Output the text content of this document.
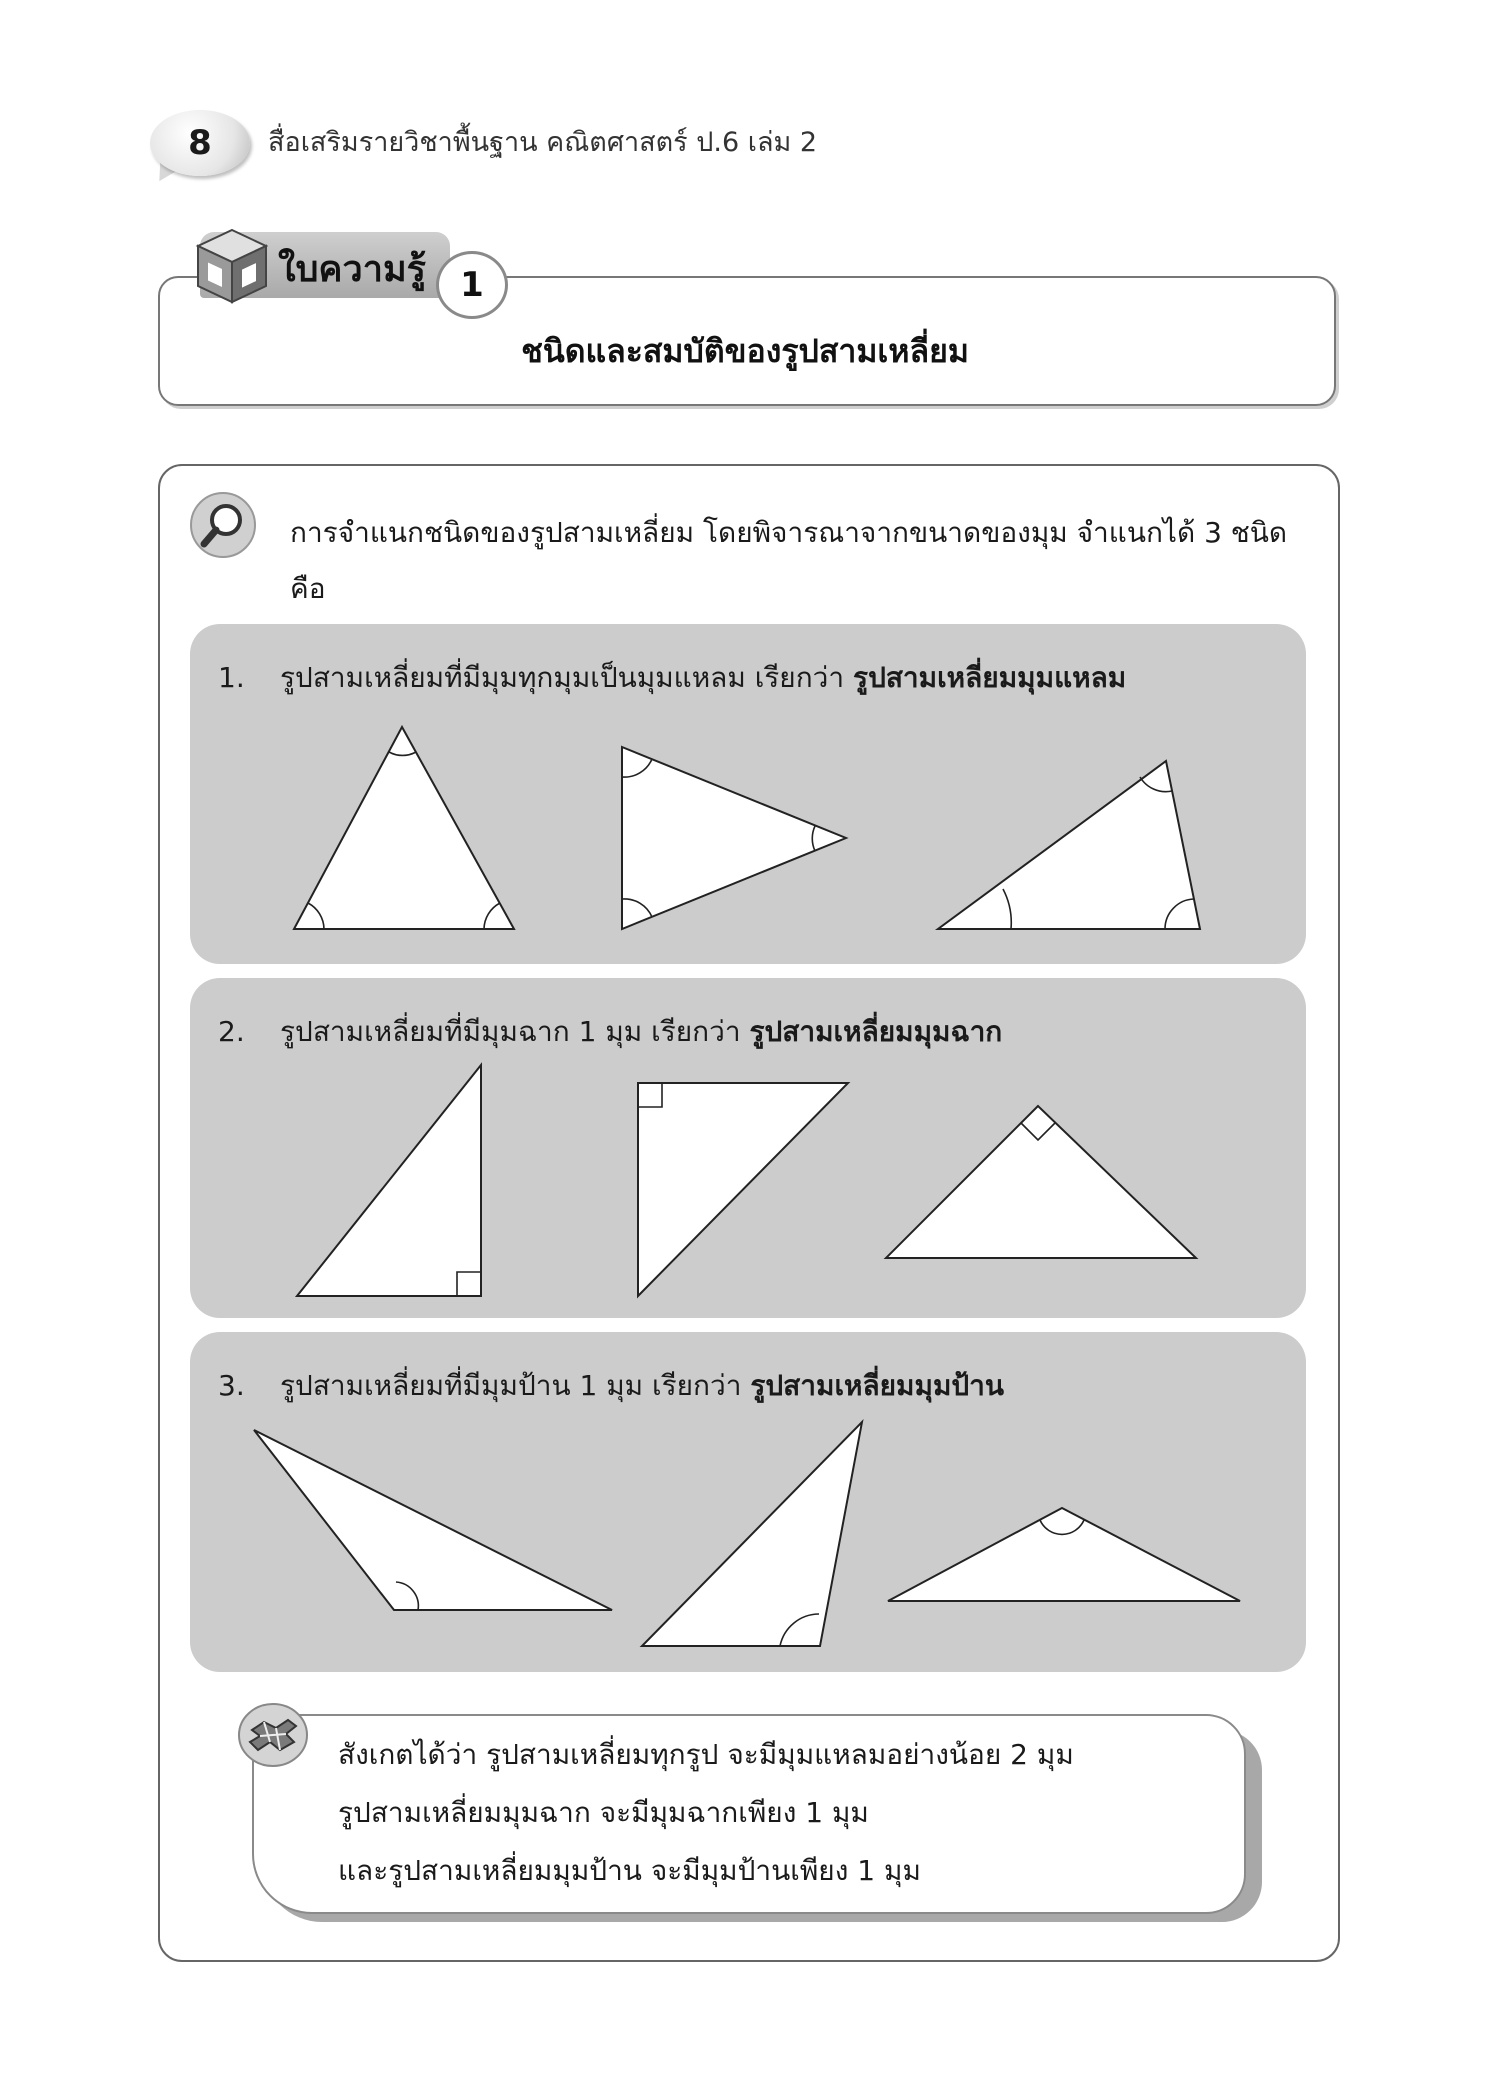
8	สื่อเสริมรายวิชาพื้นฐาน คณิตศาสตร์ ป.6 เล่ม 2
ใบความรู้	1
ชนิดและสมบัติของรูปสามเหลี่ยม
การจำแนกชนิดของรูปสามเหลี่ยม โดยพิจารณาจากขนาดของมุม จำแนกได้ 3 ชนิด คือ
1. รูปสามเหลี่ยมที่มีมุมทุกมุมเป็นมุมแหลม เรียกว่า รูปสามเหลี่ยมมุมแหลม
2. รูปสามเหลี่ยมที่มีมุมฉาก 1 มุม เรียกว่า รูปสามเหลี่ยมมุมฉาก
3. รูปสามเหลี่ยมที่มีมุมป้าน 1 มุม เรียกว่า รูปสามเหลี่ยมมุมป้าน
สังเกตได้ว่า รูปสามเหลี่ยมทุกรูป จะมีมุมแหลมอย่างน้อย 2 มุม
รูปสามเหลี่ยมมุมฉาก จะมีมุมฉากเพียง 1 มุม
และรูปสามเหลี่ยมมุมป้าน จะมีมุมป้านเพียง 1 มุม
